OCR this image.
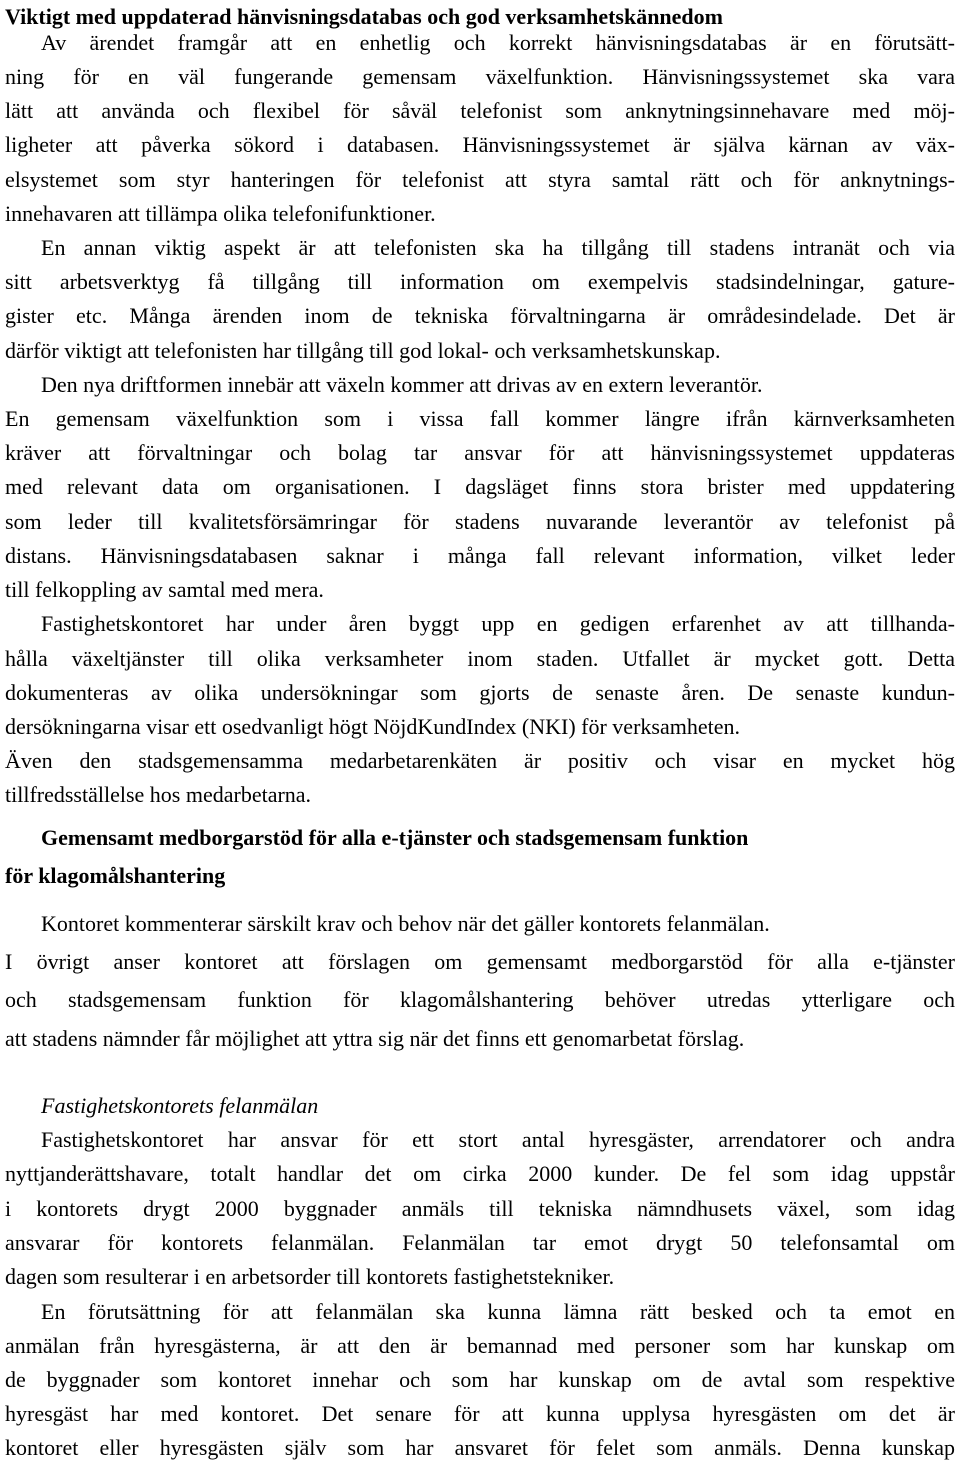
Viktigt med uppdaterad hänvisningsdatabas och god verksamhetskännedom
Av ärendet framgår att en enhetlig och korrekt hänvisningsdatabas är en förutsätt-
ning för en väl fungerande gemensam växelfunktion. Hänvisningssystemet ska vara
lätt att använda och flexibel för såväl telefonist som anknytningsinnehavare med möj-
ligheter att påverka sökord i databasen. Hänvisningssystemet är själva kärnan av väx-
elsystemet som styr hanteringen för telefonist att styra samtal rätt och för anknytnings-
innehavaren att tillämpa olika telefonifunktioner.
En annan viktig aspekt är att telefonisten ska ha tillgång till stadens intranät och via
sitt arbetsverktyg få tillgång till information om exempelvis stadsindelningar, gature-
gister etc. Många ärenden inom de tekniska förvaltningarna är områdesindelade. Det är
därför viktigt att telefonisten har tillgång till god lokal- och verksamhetskunskap.
Den nya driftformen innebär att växeln kommer att drivas av en extern leverantör.
En gemensam växelfunktion som i vissa fall kommer längre ifrån kärnverksamheten
kräver att förvaltningar och bolag tar ansvar för att hänvisningssystemet uppdateras
med relevant data om organisationen. I dagsläget finns stora brister med uppdatering
som leder till kvalitetsförsämringar för stadens nuvarande leverantör av telefonist på
distans. Hänvisningsdatabasen saknar i många fall relevant information, vilket leder
till felkoppling av samtal med mera.
Fastighetskontoret har under åren byggt upp en gedigen erfarenhet av att tillhanda-
hålla växeltjänster till olika verksamheter inom staden. Utfallet är mycket gott. Detta
dokumenteras av olika undersökningar som gjorts de senaste åren. De senaste kundun-
dersökningarna visar ett osedvanligt högt NöjdKundIndex (NKI) för verksamheten.
Även den stadsgemensamma medarbetarenkäten är positiv och visar en mycket hög
tillfredsställelse hos medarbetarna.
Gemensamt medborgarstöd för alla e-tjänster och stadsgemensam funktion
för klagomålshantering
Kontoret kommenterar särskilt krav och behov när det gäller kontorets felanmälan.
I övrigt anser kontoret att förslagen om gemensamt medborgarstöd för alla e-tjänster
och stadsgemensam funktion för klagomålshantering behöver utredas ytterligare och
att stadens nämnder får möjlighet att yttra sig när det finns ett genomarbetat förslag.
Fastighetskontorets felanmälan
Fastighetskontoret har ansvar för ett stort antal hyresgäster, arrendatorer och andra
nyttjanderättshavare, totalt handlar det om cirka 2000 kunder. De fel som idag uppstår
i kontorets drygt 2000 byggnader anmäls till tekniska nämndhusets växel, som idag
ansvarar för kontorets felanmälan. Felanmälan tar emot drygt 50 telefonsamtal om
dagen som resulterar i en arbetsorder till kontorets fastighetstekniker.
En förutsättning för att felanmälan ska kunna lämna rätt besked och ta emot en
anmälan från hyresgästerna, är att den är bemannad med personer som har kunskap om
de byggnader som kontoret innehar och som har kunskap om de avtal som respektive
hyresgäst har med kontoret. Det senare för att kunna upplysa hyresgästen om det är
kontoret eller hyresgästen själv som har ansvaret för felet som anmäls. Denna kunskap
